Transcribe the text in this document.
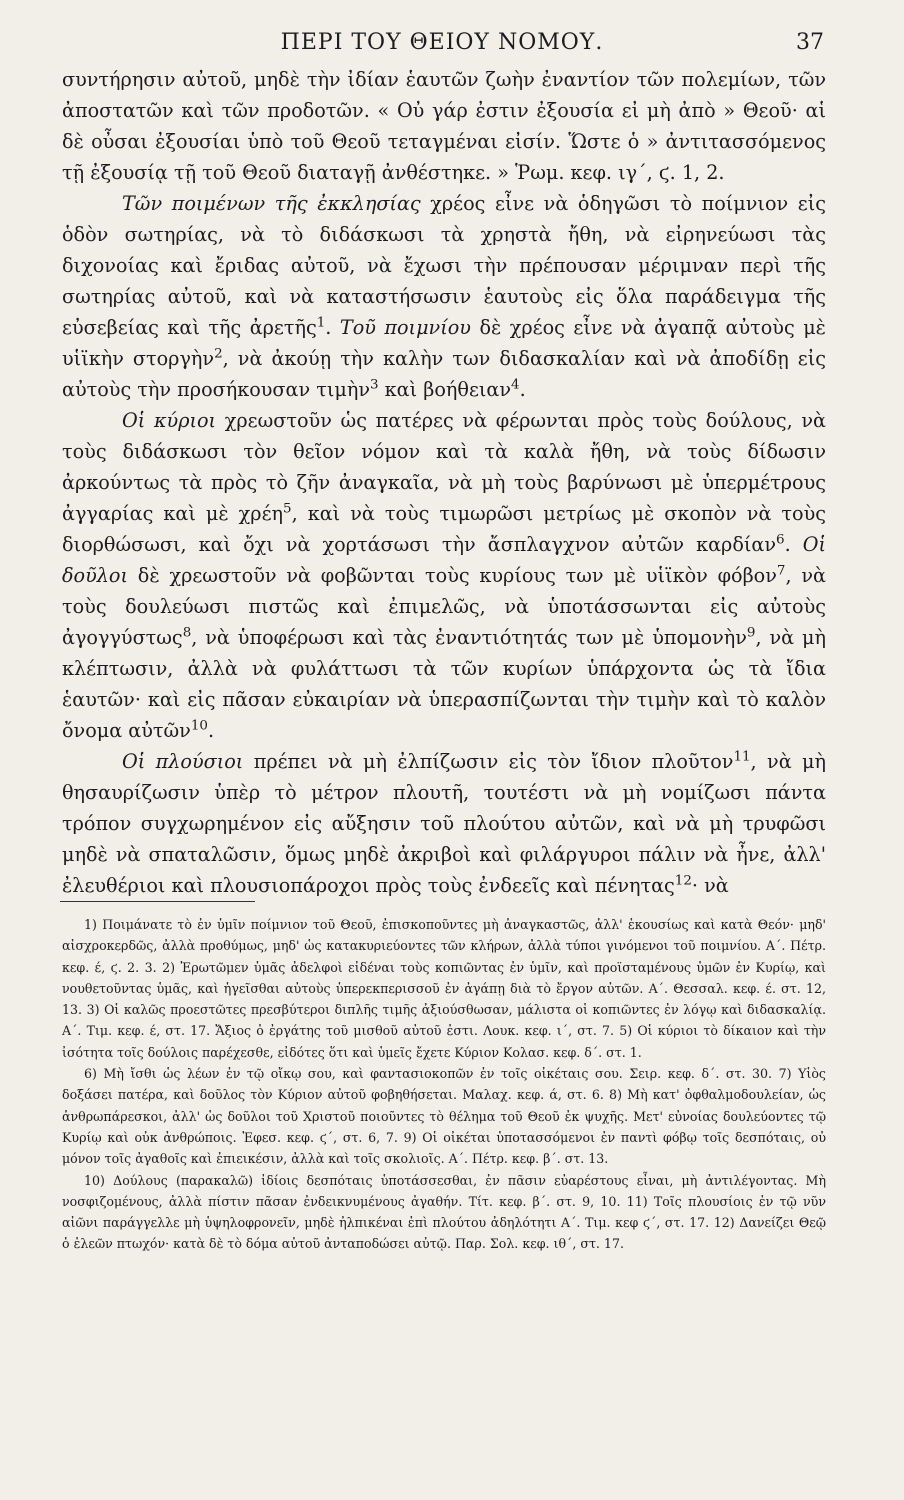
ΠΕΡΙ ΤΟΥ ΘΕΙΟΥ ΝΟΜΟΥ.	37

συντήρησιν αὐτοῦ, μηδὲ τὴν ἰδίαν ἑαυτῶν ζωὴν ἐναντίον τῶν πολεμίων, τῶν ἀποστατῶν καὶ τῶν προδοτῶν. « Οὐ γάρ ἐστιν ἐξουσία εἰ μὴ ἀπὸ » Θεοῦ· αἱ δὲ οὖσαι ἐξουσίαι ὑπὸ τοῦ Θεοῦ τεταγμέναι εἰσίν. Ὥστε ὁ » ἀντιτασσόμενος τῇ ἐξουσίᾳ τῇ τοῦ Θεοῦ διαταγῇ ἀνθέστηκε. » Ῥωμ. κεφ. ιγ΄, ϛ. 1, 2.

Τῶν ποιμένων τῆς ἐκκλησίας χρέος εἶνε νὰ ὁδηγῶσι τὸ ποίμνιον εἰς ὁδὸν σωτηρίας, νὰ τὸ διδάσκωσι τὰ χρηστὰ ἤθη, νὰ εἰρηνεύωσι τὰς διχονοίας καὶ ἔριδας αὐτοῦ, νὰ ἔχωσι τὴν πρέπουσαν μέριμναν περὶ τῆς σωτηρίας αὐτοῦ, καὶ νὰ καταστήσωσιν ἑαυτοὺς εἰς ὅλα παράδειγμα τῆς εὐσεβείας καὶ τῆς ἀρετῆς$^1$. Τοῦ ποιμνίου δὲ χρέος εἶνε νὰ ἀγαπᾷ αὐτοὺς μὲ υἱϊκὴν στοργὴν$^2$, νὰ ἀκούῃ τὴν καλὴν των διδασκαλίαν καὶ νὰ ἀποδίδῃ εἰς αὐτοὺς τὴν προσήκουσαν τιμὴν$^3$ καὶ βοήθειαν$^4$.

Οἱ κύριοι χρεωστοῦν ὡς πατέρες νὰ φέρωνται πρὸς τοὺς δούλους, νὰ τοὺς διδάσκωσι τὸν θεῖον νόμον καὶ τὰ καλὰ ἤθη, νὰ τοὺς δίδωσιν ἀρκούντως τὰ πρὸς τὸ ζῆν ἀναγκαῖα, νὰ μὴ τοὺς βαρύνωσι μὲ ὑπερμέτρους ἀγγαρίας καὶ μὲ χρέη$^5$, καὶ νὰ τοὺς τιμωρῶσι μετρίως μὲ σκοπὸν νὰ τοὺς διορθώσωσι, καὶ ὄχι νὰ χορτάσωσι τὴν ἄσπλαγχνον αὐτῶν καρδίαν$^6$. Οἱ δοῦλοι δὲ χρεωστοῦν νὰ φοβῶνται τοὺς κυρίους των μὲ υἱϊκὸν φόβον$^7$, νὰ τοὺς δουλεύωσι πιστῶς καὶ ἐπιμελῶς, νὰ ὑποτάσσωνται εἰς αὐτοὺς ἀγογγύστως$^8$, νὰ ὑποφέρωσι καὶ τὰς ἐναντιότητάς των μὲ ὑπομονὴν$^9$, νὰ μὴ κλέπτωσιν, ἀλλὰ νὰ φυλάττωσι τὰ τῶν κυρίων ὑπάρχοντα ὡς τὰ ἴδια ἑαυτῶν· καὶ εἰς πᾶσαν εὐκαιρίαν νὰ ὑπερασπίζωνται τὴν τιμὴν καὶ τὸ καλὸν ὄνομα αὐτῶν$^{10}$.

Οἱ πλούσιοι πρέπει νὰ μὴ ἐλπίζωσιν εἰς τὸν ἴδιον πλοῦτον$^{11}$, νὰ μὴ θησαυρίζωσιν ὑπὲρ τὸ μέτρον πλουτῆ, τουτέστι νὰ μὴ νομίζωσι πάντα τρόπον συγχωρημένον εἰς αὔξησιν τοῦ πλούτου αὐτῶν, καὶ νὰ μὴ τρυφῶσι μηδὲ νὰ σπαταλῶσιν, ὅμως μηδὲ ἀκριβοὶ καὶ φιλάργυροι πάλιν νὰ ἦνε, ἀλλ' ἐλευθέριοι καὶ πλουσιοπάροχοι πρὸς τοὺς ἐνδεεῖς καὶ πένητας$^{12}$· νὰ

1) Ποιμάνατε τὸ ἐν ὑμῖν ποίμνιον τοῦ Θεοῦ, ἐπισκοποῦντες μὴ ἀναγκαστῶς, ἀλλ' ἑκουσίως καὶ κατὰ Θεόν· μηδ' αἰσχροκερδῶς, ἀλλὰ προθύμως, μηδ' ὡς κατακυριεύοντες τῶν κλήρων, ἀλλὰ τύποι γινόμενοι τοῦ ποιμνίου. Α΄. Πέτρ. κεφ. έ, ϛ. 2. 3. 2) Ἐρωτῶμεν ὑμᾶς ἀδελφοὶ εἰδέναι τοὺς κοπιῶντας ἐν ὑμῖν, καὶ προϊσταμένους ὑμῶν ἐν Κυρίῳ, καὶ νουθετοῦντας ὑμᾶς, καὶ ἡγεῖσθαι αὐτοὺς ὑπερεκπερισσοῦ ἐν ἀγάπῃ διὰ τὸ ἔργον αὐτῶν. Α΄. Θεσσαλ. κεφ. έ. στ. 12, 13. 3) Οἱ καλῶς προεστῶτες πρεσβύτεροι διπλῆς τιμῆς ἀξιούσθωσαν, μάλιστα οἱ κοπιῶντες ἐν λόγῳ καὶ διδασκαλίᾳ. Α΄. Τιμ. κεφ. έ, στ. 17. Ἄξιος ὁ ἐργάτης τοῦ μισθοῦ αὐτοῦ ἐστι. Λουκ. κεφ. ι΄, στ. 7. 5) Οἱ κύριοι τὸ δίκαιον καὶ τὴν ἰσότητα τοῖς δούλοις παρέχεσθε, εἰδότες ὅτι καὶ ὑμεῖς ἔχετε Κύριον Κολασ. κεφ. δ΄. στ. 1.

6) Μὴ ἴσθι ὡς λέων ἐν τῷ οἴκῳ σου, καὶ φαντασιοκοπῶν ἐν τοῖς οἰκέταις σου. Σειρ. κεφ. δ΄. στ. 30. 7) Υἱὸς δοξάσει πατέρα, καὶ δοῦλος τὸν Κύριον αὐτοῦ φοβηθήσεται. Μαλαχ. κεφ. ά, στ. 6. 8) Μὴ κατ' ὀφθαλμοδουλείαν, ὡς ἀνθρωπάρεσκοι, ἀλλ' ὡς δοῦλοι τοῦ Χριστοῦ ποιοῦντες τὸ θέλημα τοῦ Θεοῦ ἐκ ψυχῆς. Μετ' εὐνοίας δουλεύοντες τῷ Κυρίῳ καὶ οὐκ ἀνθρώποις. Ἐφεσ. κεφ. ϛ΄, στ. 6, 7. 9) Οἱ οἰκέται ὑποτασσόμενοι ἐν παντὶ φόβῳ τοῖς δεσπόταις, οὐ μόνον τοῖς ἀγαθοῖς καὶ ἐπιεικέσιν, ἀλλὰ καὶ τοῖς σκολιοῖς. Α΄. Πέτρ. κεφ. β΄. στ. 13.

10) Δούλους (παρακαλῶ) ἰδίοις δεσπόταις ὑποτάσσεσθαι, ἐν πᾶσιν εὐαρέστους εἶναι, μὴ ἀντιλέγοντας. Μὴ νοσφιζομένους, ἀλλὰ πίστιν πᾶσαν ἐνδεικνυμένους ἀγαθήν. Τίτ. κεφ. β΄. στ. 9, 10. 11) Τοῖς πλουσίοις ἐν τῷ νῦν αἰῶνι παράγγελλε μὴ ὑψηλοφρονεῖν, μηδὲ ἠλπικέναι ἐπὶ πλούτου ἀδηλότητι Α΄. Τιμ. κεφ ϛ΄, στ. 17. 12) Δανείζει Θεῷ ὁ ἐλεῶν πτωχόν· κατὰ δὲ τὸ δόμα αὐτοῦ ἀνταποδώσει αὐτῷ. Παρ. Σολ. κεφ. ιθ΄, στ. 17.
